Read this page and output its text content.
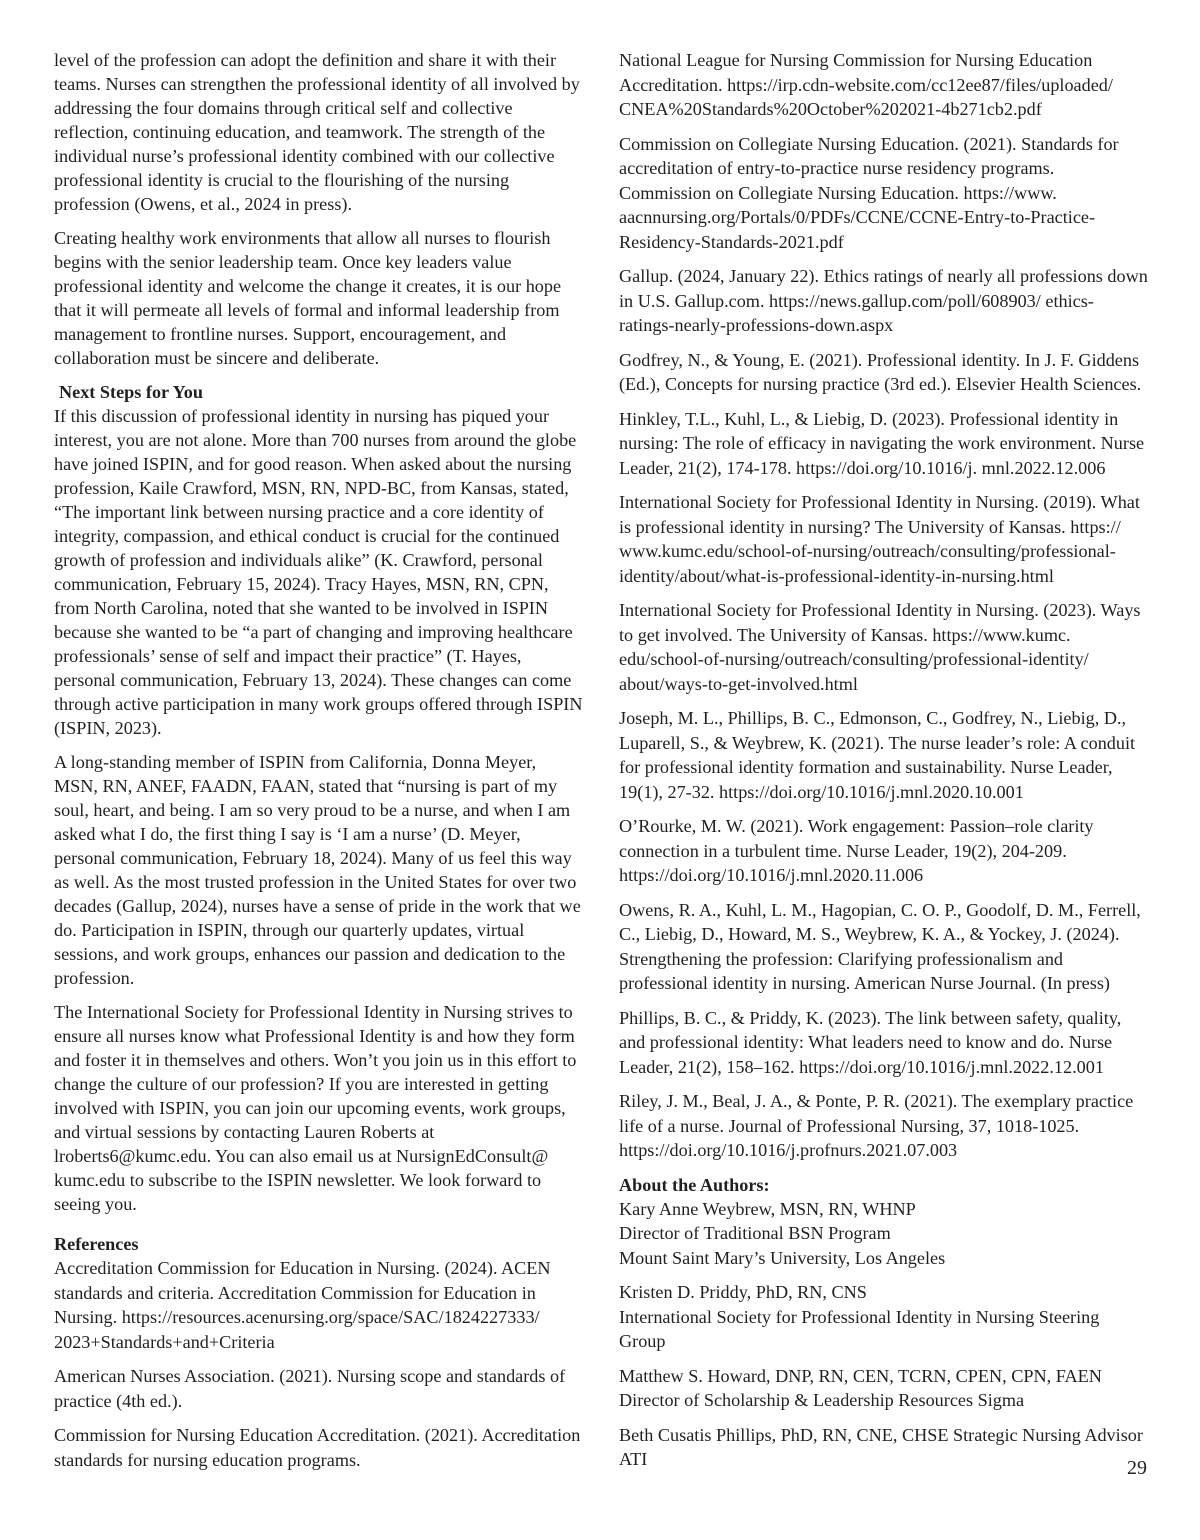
level of the profession can adopt the definition and share it with their teams. Nurses can strengthen the professional identity of all involved by addressing the four domains through critical self and collective reflection, continuing education, and teamwork. The strength of the individual nurse’s professional identity combined with our collective professional identity is crucial to the flourishing of the nursing profession (Owens, et al., 2024 in press).

Creating healthy work environments that allow all nurses to flourish begins with the senior leadership team. Once key leaders value professional identity and welcome the change it creates, it is our hope that it will permeate all levels of formal and informal leadership from management to frontline nurses. Support, encouragement, and collaboration must be sincere and deliberate.

Next Steps for You

If this discussion of professional identity in nursing has piqued your interest, you are not alone. More than 700 nurses from around the globe have joined ISPIN, and for good reason. When asked about the nursing profession, Kaile Crawford, MSN, RN, NPD-BC, from Kansas, stated, “The important link between nursing practice and a core identity of integrity, compassion, and ethical conduct is crucial for the continued growth of profession and individuals alike” (K. Crawford, personal communication, February 15, 2024). Tracy Hayes, MSN, RN, CPN, from North Carolina, noted that she wanted to be involved in ISPIN because she wanted to be “a part of changing and improving healthcare professionals’ sense of self and impact their practice” (T. Hayes, personal communication, February 13, 2024). These changes can come through active participation in many work groups offered through ISPIN (ISPIN, 2023).

A long-standing member of ISPIN from California, Donna Meyer, MSN, RN, ANEF, FAADN, FAAN, stated that “nursing is part of my soul, heart, and being. I am so very proud to be a nurse, and when I am asked what I do, the first thing I say is ‘I am a nurse’ (D. Meyer, personal communication, February 18, 2024). Many of us feel this way as well. As the most trusted profession in the United States for over two decades (Gallup, 2024), nurses have a sense of pride in the work that we do. Participation in ISPIN, through our quarterly updates, virtual sessions, and work groups, enhances our passion and dedication to the profession.

The International Society for Professional Identity in Nursing strives to ensure all nurses know what Professional Identity is and how they form and foster it in themselves and others. Won’t you join us in this effort to change the culture of our profession? If you are interested in getting involved with ISPIN, you can join our upcoming events, work groups, and virtual sessions by contacting Lauren Roberts at lroberts6@kumc.edu. You can also email us at NursignEdConsult@ kumc.edu to subscribe to the ISPIN newsletter. We look forward to seeing you.

References
Accreditation Commission for Education in Nursing. (2024). ACEN standards and criteria. Accreditation Commission for Education in Nursing. https://resources.acenursing.org/space/SAC/1824227333/ 2023+Standards+and+Criteria
American Nurses Association. (2021). Nursing scope and standards of practice (4th ed.).
Commission for Nursing Education Accreditation. (2021). Accreditation standards for nursing education programs.
National League for Nursing Commission for Nursing Education Accreditation. https://irp.cdn-website.com/cc12ee87/files/uploaded/ CNEA%20Standards%20October%202021-4b271cb2.pdf
Commission on Collegiate Nursing Education. (2021). Standards for accreditation of entry-to-practice nurse residency programs. Commission on Collegiate Nursing Education. https://www. aacnnursing.org/Portals/0/PDFs/CCNE/CCNE-Entry-to-Practice- Residency-Standards-2021.pdf
Gallup. (2024, January 22). Ethics ratings of nearly all professions down in U.S. Gallup.com. https://news.gallup.com/poll/608903/ ethics-ratings-nearly-professions-down.aspx
Godfrey, N., & Young, E. (2021). Professional identity. In J. F. Giddens (Ed.), Concepts for nursing practice (3rd ed.). Elsevier Health Sciences.
Hinkley, T.L., Kuhl, L., & Liebig, D. (2023). Professional identity in nursing: The role of efficacy in navigating the work environment. Nurse Leader, 21(2), 174-178. https://doi.org/10.1016/j. mnl.2022.12.006
International Society for Professional Identity in Nursing. (2019). What is professional identity in nursing? The University of Kansas. https:// www.kumc.edu/school-of-nursing/outreach/consulting/professional- identity/about/what-is-professional-identity-in-nursing.html
International Society for Professional Identity in Nursing. (2023). Ways to get involved. The University of Kansas. https://www.kumc. edu/school-of-nursing/outreach/consulting/professional-identity/ about/ways-to-get-involved.html
Joseph, M. L., Phillips, B. C., Edmonson, C., Godfrey, N., Liebig, D., Luparell, S., & Weybrew, K. (2021). The nurse leader’s role: A conduit for professional identity formation and sustainability. Nurse Leader, 19(1), 27-32. https://doi.org/10.1016/j.mnl.2020.10.001
O’Rourke, M. W. (2021). Work engagement: Passion–role clarity connection in a turbulent time. Nurse Leader, 19(2), 204-209. https://doi.org/10.1016/j.mnl.2020.11.006
Owens, R. A., Kuhl, L. M., Hagopian, C. O. P., Goodolf, D. M., Ferrell, C., Liebig, D., Howard, M. S., Weybrew, K. A., & Yockey, J. (2024). Strengthening the profession: Clarifying professionalism and professional identity in nursing. American Nurse Journal. (In press)
Phillips, B. C., & Priddy, K. (2023). The link between safety, quality, and professional identity: What leaders need to know and do. Nurse Leader, 21(2), 158–162. https://doi.org/10.1016/j.mnl.2022.12.001
Riley, J. M., Beal, J. A., & Ponte, P. R. (2021). The exemplary practice life of a nurse. Journal of Professional Nursing, 37, 1018-1025. https://doi.org/10.1016/j.profnurs.2021.07.003
About the Authors:
Kary Anne Weybrew, MSN, RN, WHNP
Director of Traditional BSN Program
Mount Saint Mary’s University, Los Angeles
Kristen D. Priddy, PhD, RN, CNS
International Society for Professional Identity in Nursing Steering Group
Matthew S. Howard, DNP, RN, CEN, TCRN, CPEN, CPN, FAEN
Director of Scholarship & Leadership Resources Sigma
Beth Cusatis Phillips, PhD, RN, CNE, CHSE Strategic Nursing Advisor ATI	29
